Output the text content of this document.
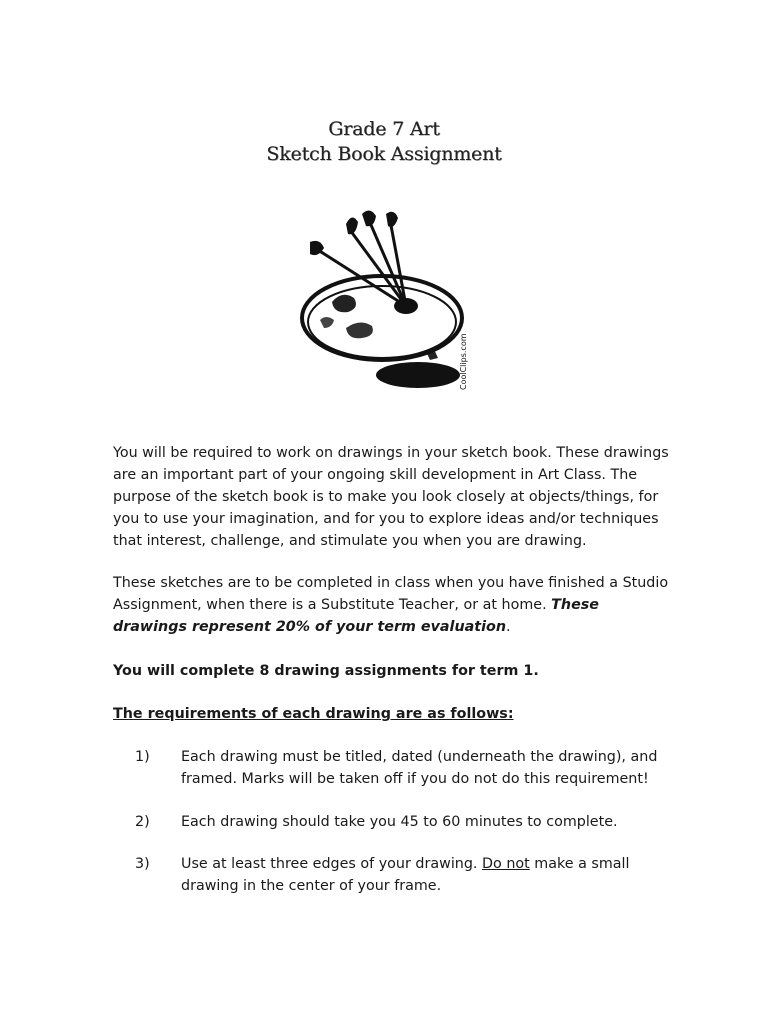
Grade 7 Art
Sketch Book Assignment
CoolClips.com
You will be required to work on drawings in your sketch book. These drawings are an important part of your ongoing skill development in Art Class. The purpose of the sketch book is to make you look closely at objects/things, for you to use your imagination, and for you to explore ideas and/or techniques that interest, challenge, and stimulate you when you are drawing.
These sketches are to be completed in class when you have finished a Studio Assignment, when there is a Substitute Teacher, or at home. These drawings represent 20% of your term evaluation.
You will complete 8 drawing assignments for term 1.
The requirements of each drawing are as follows:
1)	Each drawing must be titled, dated (underneath the drawing), and framed. Marks will be taken off if you do not do this requirement!
2)	Each drawing should take you 45 to 60 minutes to complete.
3)	Use at least three edges of your drawing. Do not make a small drawing in the center of your frame.
